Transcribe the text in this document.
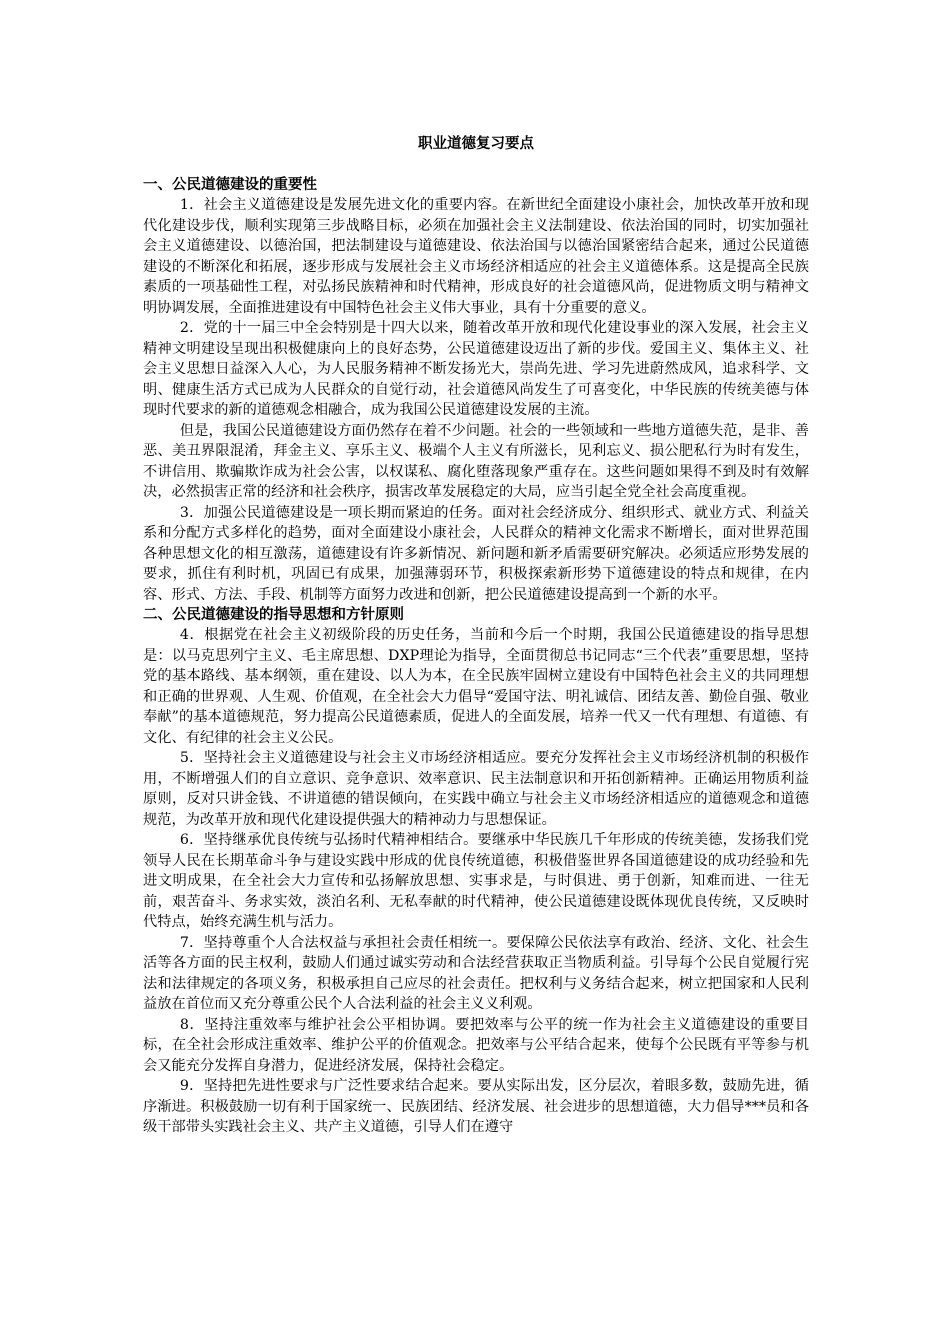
职业道德复习要点
一、公民道德建设的重要性

1．社会主义道德建设是发展先进文化的重要内容。在新世纪全面建设小康社会，加快改革开放和现代化建设步伐，顺利实现第三步战略目标，必须在加强社会主义法制建设、依法治国的同时，切实加强社会主义道德建设、以德治国，把法制建设与道德建设、依法治国与以德治国紧密结合起来，通过公民道德建设的不断深化和拓展，逐步形成与发展社会主义市场经济相适应的社会主义道德体系。这是提高全民族素质的一项基础性工程，对弘扬民族精神和时代精神，形成良好的社会道德风尚，促进物质文明与精神文明协调发展，全面推进建设有中国特色社会主义伟大事业，具有十分重要的意义。

2．党的十一届三中全会特别是十四大以来，随着改革开放和现代化建设事业的深入发展，社会主义精神文明建设呈现出积极健康向上的良好态势，公民道德建设迈出了新的步伐。爱国主义、集体主义、社会主义思想日益深入人心，为人民服务精神不断发扬光大，崇尚先进、学习先进蔚然成风，追求科学、文明、健康生活方式已成为人民群众的自觉行动，社会道德风尚发生了可喜变化，中华民族的传统美德与体现时代要求的新的道德观念相融合，成为我国公民道德建设发展的主流。

但是，我国公民道德建设方面仍然存在着不少问题。社会的一些领域和一些地方道德失范，是非、善恶、美丑界限混淆，拜金主义、享乐主义、极端个人主义有所滋长，见利忘义、损公肥私行为时有发生，不讲信用、欺骗欺诈成为社会公害，以权谋私、腐化堕落现象严重存在。这些问题如果得不到及时有效解决，必然损害正常的经济和社会秩序，损害改革发展稳定的大局，应当引起全党全社会高度重视。

3．加强公民道德建设是一项长期而紧迫的任务。面对社会经济成分、组织形式、就业方式、利益关系和分配方式多样化的趋势，面对全面建设小康社会，人民群众的精神文化需求不断增长，面对世界范围各种思想文化的相互激荡，道德建设有许多新情况、新问题和新矛盾需要研究解决。必须适应形势发展的要求，抓住有利时机，巩固已有成果，加强薄弱环节，积极探索新形势下道德建设的特点和规律，在内容、形式、方法、手段、机制等方面努力改进和创新，把公民道德建设提高到一个新的水平。

二、公民道德建设的指导思想和方针原则

4．根据党在社会主义初级阶段的历史任务，当前和今后一个时期，我国公民道德建设的指导思想是：以马克思列宁主义、毛主席思想、DXP理论为指导，全面贯彻总书记同志“三个代表”重要思想，坚持党的基本路线、基本纲领，重在建设、以人为本，在全民族牢固树立建设有中国特色社会主义的共同理想和正确的世界观、人生观、价值观，在全社会大力倡导“爱国守法、明礼诚信、团结友善、勤俭自强、敬业奉献”的基本道德规范，努力提高公民道德素质，促进人的全面发展，培养一代又一代有理想、有道德、有文化、有纪律的社会主义公民。

5．坚持社会主义道德建设与社会主义市场经济相适应。要充分发挥社会主义市场经济机制的积极作用，不断增强人们的自立意识、竞争意识、效率意识、民主法制意识和开拓创新精神。正确运用物质利益原则，反对只讲金钱、不讲道德的错误倾向，在实践中确立与社会主义市场经济相适应的道德观念和道德规范，为改革开放和现代化建设提供强大的精神动力与思想保证。

6．坚持继承优良传统与弘扬时代精神相结合。要继承中华民族几千年形成的传统美德，发扬我们党领导人民在长期革命斗争与建设实践中形成的优良传统道德，积极借鉴世界各国道德建设的成功经验和先进文明成果，在全社会大力宣传和弘扬解放思想、实事求是，与时俱进、勇于创新，知难而进、一往无前，艰苦奋斗、务求实效，淡泊名利、无私奉献的时代精神，使公民道德建设既体现优良传统，又反映时代特点，始终充满生机与活力。

7．坚持尊重个人合法权益与承担社会责任相统一。要保障公民依法享有政治、经济、文化、社会生活等各方面的民主权利，鼓励人们通过诚实劳动和合法经营获取正当物质利益。引导每个公民自觉履行宪法和法律规定的各项义务，积极承担自己应尽的社会责任。把权利与义务结合起来，树立把国家和人民利益放在首位而又充分尊重公民个人合法利益的社会主义义利观。

8．坚持注重效率与维护社会公平相协调。要把效率与公平的统一作为社会主义道德建设的重要目标，在全社会形成注重效率、维护公平的价值观念。把效率与公平结合起来，使每个公民既有平等参与机会又能充分发挥自身潜力，促进经济发展，保持社会稳定。

9．坚持把先进性要求与广泛性要求结合起来。要从实际出发，区分层次，着眼多数，鼓励先进，循序渐进。积极鼓励一切有利于国家统一、民族团结、经济发展、社会进步的思想道德，大力倡导***员和各级干部带头实践社会主义、共产主义道德，引导人们在遵守
